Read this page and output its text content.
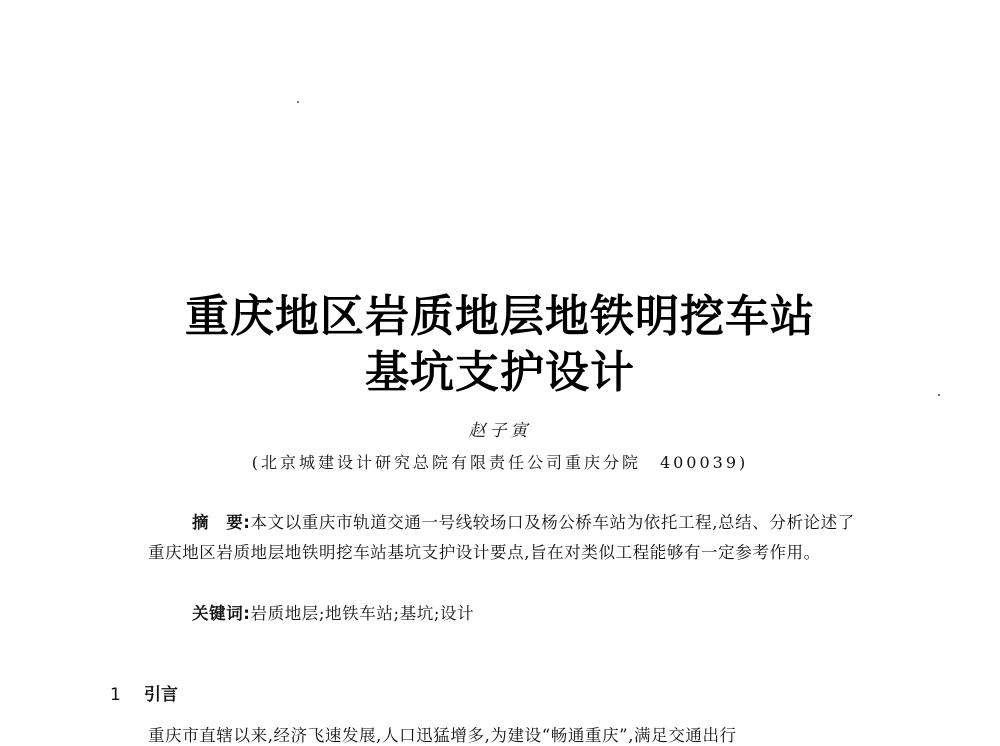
重庆地区岩质地层地铁明挖车站
基坑支护设计
赵子寅
(北京城建设计研究总院有限责任公司重庆分院　400039)

摘　要:本文以重庆市轨道交通一号线较场口及杨公桥车站为依托工程,总结、分析论述了重庆地区岩质地层地铁明挖车站基坑支护设计要点,旨在对类似工程能够有一定参考作用。

关键词:岩质地层;地铁车站;基坑;设计
1 引言
重庆市直辖以来,经济飞速发展,人口迅猛增多,为建设“畅通重庆”,满足交通出行
